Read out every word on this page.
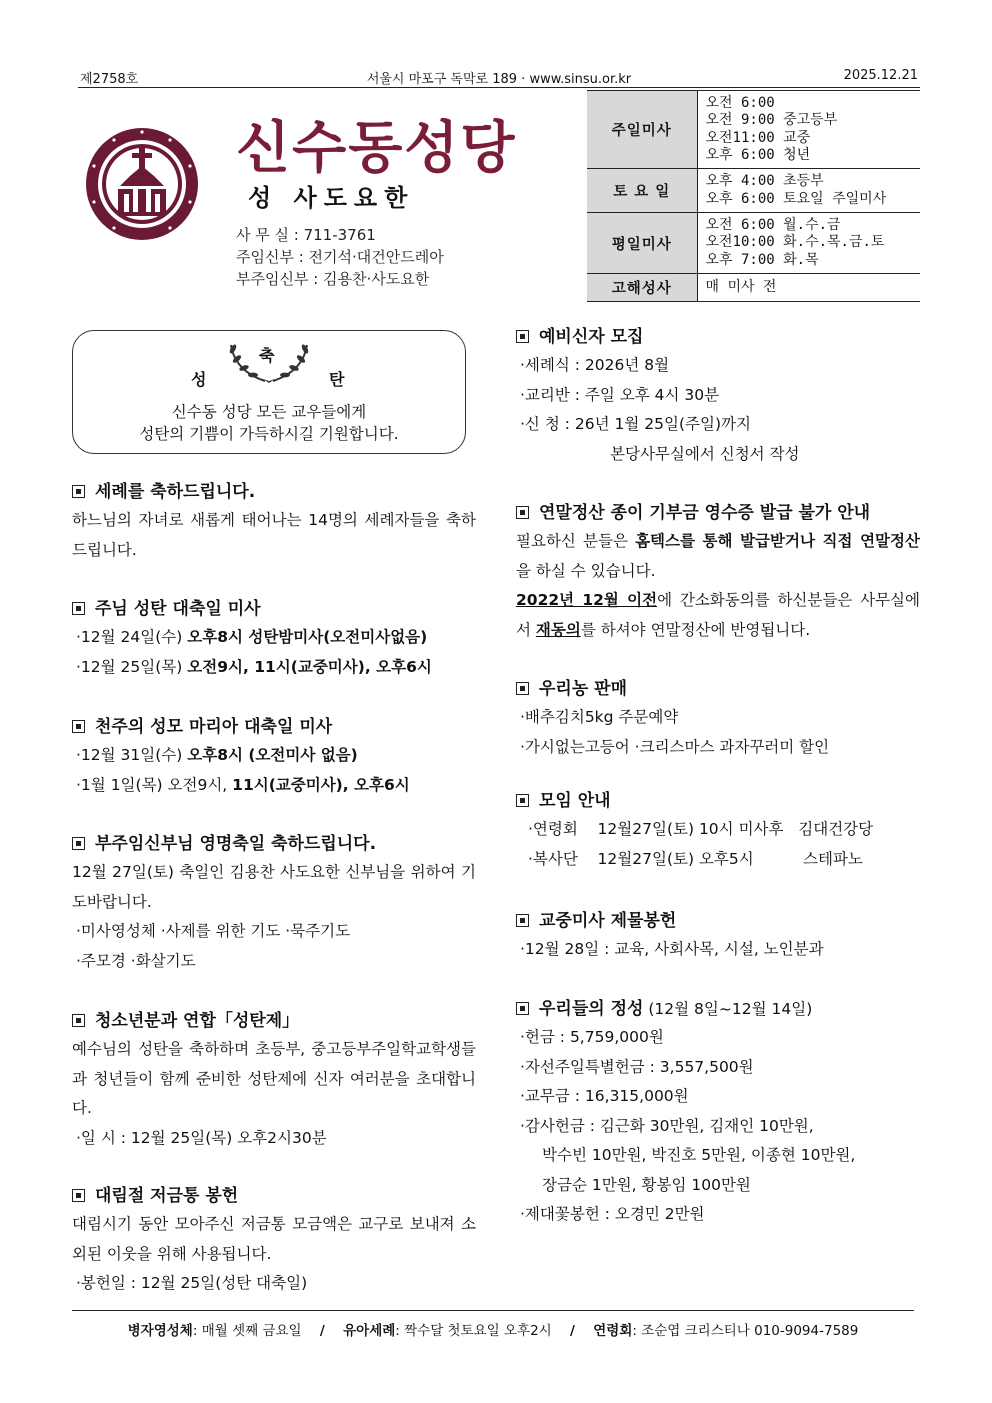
제2758호	서울시 마포구 독막로 189 · www.sinsu.or.kr	2025.12.21
신수동성당
성 사도요한
사 무 실 : 711-3761
주임신부 : 전기석·대건안드레아
부주임신부 : 김용찬·사도요한
주일미사	오전 6:00
오전 9:00 중고등부
오전11:00 교중
오후 6:00 청년

토 요 일	오후 4:00 초등부
오후 6:00 토요일 주일미사

평일미사	오전 6:00 월.수.금
오전10:00 화.수.목.금.토
오후 7:00 화.목

고해성사	매 미사 전
성
축
탄
신수동 성당 모든 교우들에게
성탄의 기쁨이 가득하시길 기원합니다.
세례를 축하드립니다.

하느님의 자녀로 새롭게 태어나는 14명의 세례자들을 축하드립니다.

주님 성탄 대축일 미사
·12월 24일(수) 오후8시 성탄밤미사(오전미사없음)
·12월 25일(목) 오전9시, 11시(교중미사), 오후6시
천주의 성모 마리아 대축일 미사
·12월 31일(수) 오후8시 (오전미사 없음)
·1월 1일(목) 오전9시, 11시(교중미사), 오후6시
부주임신부님 영명축일 축하드립니다.

12월 27일(토) 축일인 김용찬 사도요한 신부님을 위하여 기도바랍니다.

·미사영성체 ·사제를 위한 기도 ·묵주기도
·주모경 ·화살기도
청소년분과 연합「성탄제」

예수님의 성탄을 축하하며 초등부, 중고등부주일학교학생들과 청년들이 함께 준비한 성탄제에 신자 여러분을 초대합니다.

·일 시 : 12월 25일(목) 오후2시30분
대림절 저금통 봉헌

대림시기 동안 모아주신 저금통 모금액은 교구로 보내져 소외된 이웃을 위해 사용됩니다.

·봉헌일 : 12월 25일(성탄 대축일)
예비신자 모집
·세례식 : 2026년 8월
·교리반 : 주일 오후 4시 30분
·신 청 : 26년 1월 25일(주일)까지
본당사무실에서 신청서 작성
연말정산 종이 기부금 영수증 발급 불가 안내

필요하신 분들은 홈텍스를 통해 발급받거나 직접 연말정산을 하실 수 있습니다.

2022년 12월 이전에 간소화동의를 하신분들은 사무실에서 재동의를 하셔야 연말정산에 반영됩니다.

우리농 판매
·배추김치5kg 주문예약
·가시없는고등어 ·크리스마스 과자꾸러미 할인
모임 안내
·연령회    12월27일(토) 10시 미사후   김대건강당
·복사단    12월27일(토) 오후5시          스테파노
교중미사 제물봉헌
·12월 28일 : 교육, 사회사목, 시설, 노인분과
우리들의 정성 (12월 8일~12월 14일)
·헌금 : 5,759,000원
·자선주일특별헌금 : 3,557,500원
·교무금 : 16,315,000원
·감사헌금 : 김근화 30만원, 김재인 10만원,
박수빈 10만원, 박진호 5만원, 이종현 10만원,
장금순 1만원, 황봉임 100만원
·제대꽃봉헌 : 오경민 2만원
병자영성체: 매월 셋째 금요일 / 유아세례: 짝수달 첫토요일 오후2시 / 연령회: 조순엽 크리스티나 010-9094-7589
